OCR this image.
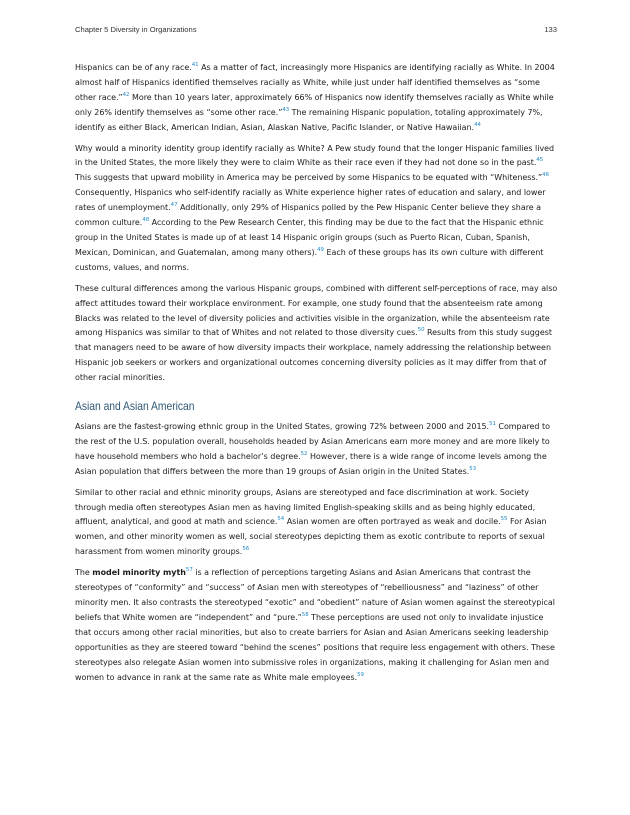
Chapter 5 Diversity in Organizations	133

Hispanics can be of any race.$^{41}$ As a matter of fact, increasingly more Hispanics are identifying racially as White. In 2004 almost half of Hispanics identified themselves racially as White, while just under half identified themselves as “some other race.”$^{42}$ More than 10 years later, approximately 66% of Hispanics now identify themselves racially as White while only 26% identify themselves as “some other race.”$^{43}$ The remaining Hispanic population, totaling approximately 7%, identify as either Black, American Indian, Asian, Alaskan Native, Pacific Islander, or Native Hawaiian.$^{44}$

Why would a minority identity group identify racially as White? A Pew study found that the longer Hispanic families lived in the United States, the more likely they were to claim White as their race even if they had not done so in the past.$^{45}$ This suggests that upward mobility in America may be perceived by some Hispanics to be equated with “Whiteness.”$^{46}$ Consequently, Hispanics who self-identify racially as White experience higher rates of education and salary, and lower rates of unemployment.$^{47}$ Additionally, only 29% of Hispanics polled by the Pew Hispanic Center believe they share a common culture.$^{48}$ According to the Pew Research Center, this finding may be due to the fact that the Hispanic ethnic group in the United States is made up of at least 14 Hispanic origin groups (such as Puerto Rican, Cuban, Spanish, Mexican, Dominican, and Guatemalan, among many others).$^{49}$ Each of these groups has its own culture with different customs, values, and norms.

These cultural differences among the various Hispanic groups, combined with different self-perceptions of race, may also affect attitudes toward their workplace environment. For example, one study found that the absenteeism rate among Blacks was related to the level of diversity policies and activities visible in the organization, while the absenteeism rate among Hispanics was similar to that of Whites and not related to those diversity cues.$^{50}$ Results from this study suggest that managers need to be aware of how diversity impacts their workplace, namely addressing the relationship between Hispanic job seekers or workers and organizational outcomes concerning diversity policies as it may differ from that of other racial minorities.

Asian and Asian American

Asians are the fastest-growing ethnic group in the United States, growing 72% between 2000 and 2015.51 Compared to the rest of the U.S. population overall, households headed by Asian Americans earn more money and are more likely to have household members who hold a bachelor’s degree.$^{52}$ However, there is a wide range of income levels among the Asian population that differs between the more than 19 groups of Asian origin in the United States.$^{53}$

Similar to other racial and ethnic minority groups, Asians are stereotyped and face discrimination at work. Society through media often stereotypes Asian men as having limited English-speaking skills and as being highly educated, affluent, analytical, and good at math and science.$^{54}$ Asian women are often portrayed as weak and docile.$^{55}$ For Asian women, and other minority women as well, social stereotypes depicting them as exotic contribute to reports of sexual harassment from women minority groups.$^{56}$

The model minority myth$^{57}$ is a reflection of perceptions targeting Asians and Asian Americans that contrast the stereotypes of “conformity” and “success” of Asian men with stereotypes of “rebelliousness” and “laziness” of other minority men. It also contrasts the stereotyped “exotic” and “obedient” nature of Asian women against the stereotypical beliefs that White women are “independent” and “pure.”$^{58}$ These perceptions are used not only to invalidate injustice that occurs among other racial minorities, but also to create barriers for Asian and Asian Americans seeking leadership opportunities as they are steered toward “behind the scenes” positions that require less engagement with others. These stereotypes also relegate Asian women into submissive roles in organizations, making it challenging for Asian men and women to advance in rank at the same rate as White male employees.$^{59}$
